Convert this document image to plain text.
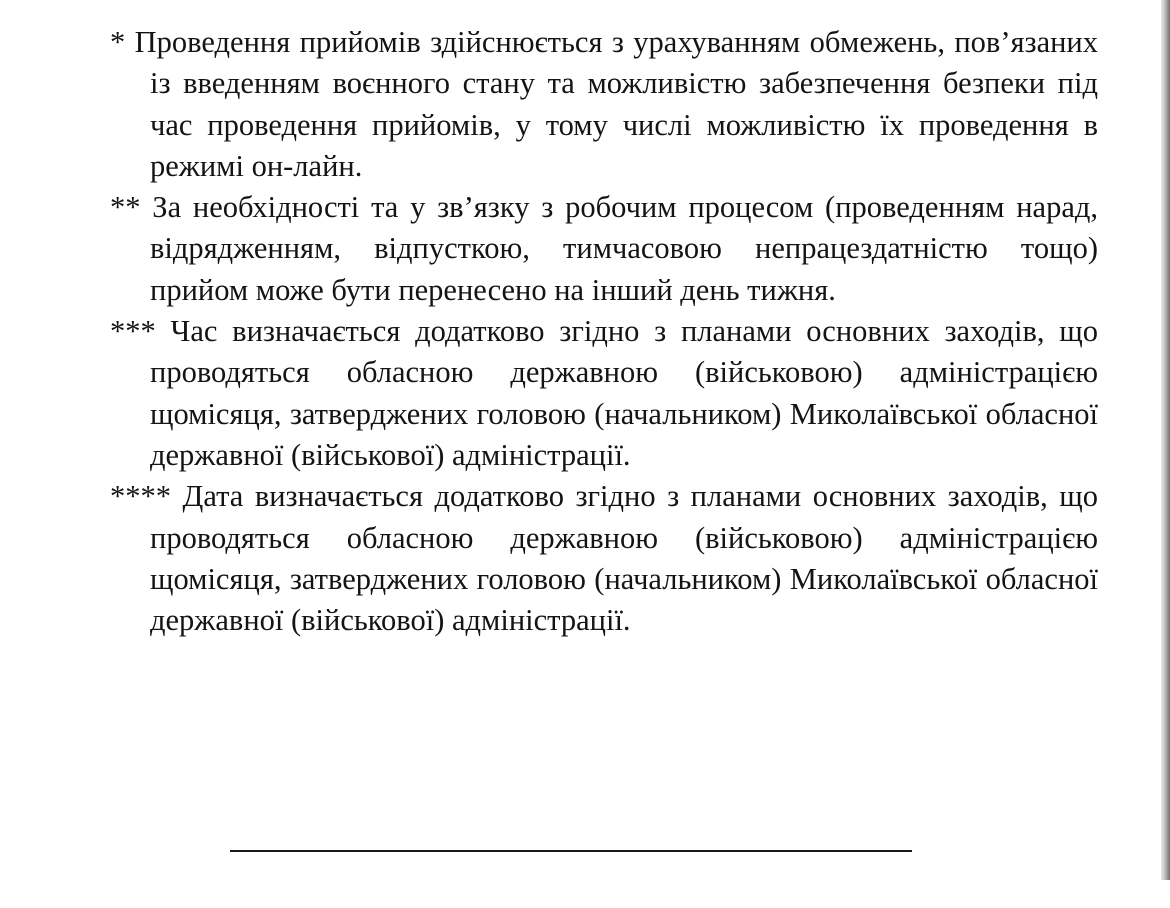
* Проведення прийомів здійснюється з урахуванням обмежень, пов’язаних із введенням воєнного стану та можливістю забезпечення безпеки під час проведення прийомів, у тому числі можливістю їх проведення в режимі он-лайн.

** За необхідності та у зв’язку з робочим процесом (проведенням нарад, відрядженням, відпусткою, тимчасовою непрацездатністю тощо) прийом може бути перенесено на інший день тижня.

*** Час визначається додатково згідно з планами основних заходів, що проводяться обласною державною (військовою) адміністрацією щомісяця, затверджених головою (начальником) Миколаївської обласної державної (військової) адміністрації.

**** Дата визначається додатково згідно з планами основних заходів, що проводяться обласною державною (військовою) адміністрацією щомісяця, затверджених головою (начальником) Миколаївської обласної державної (військової) адміністрації.
